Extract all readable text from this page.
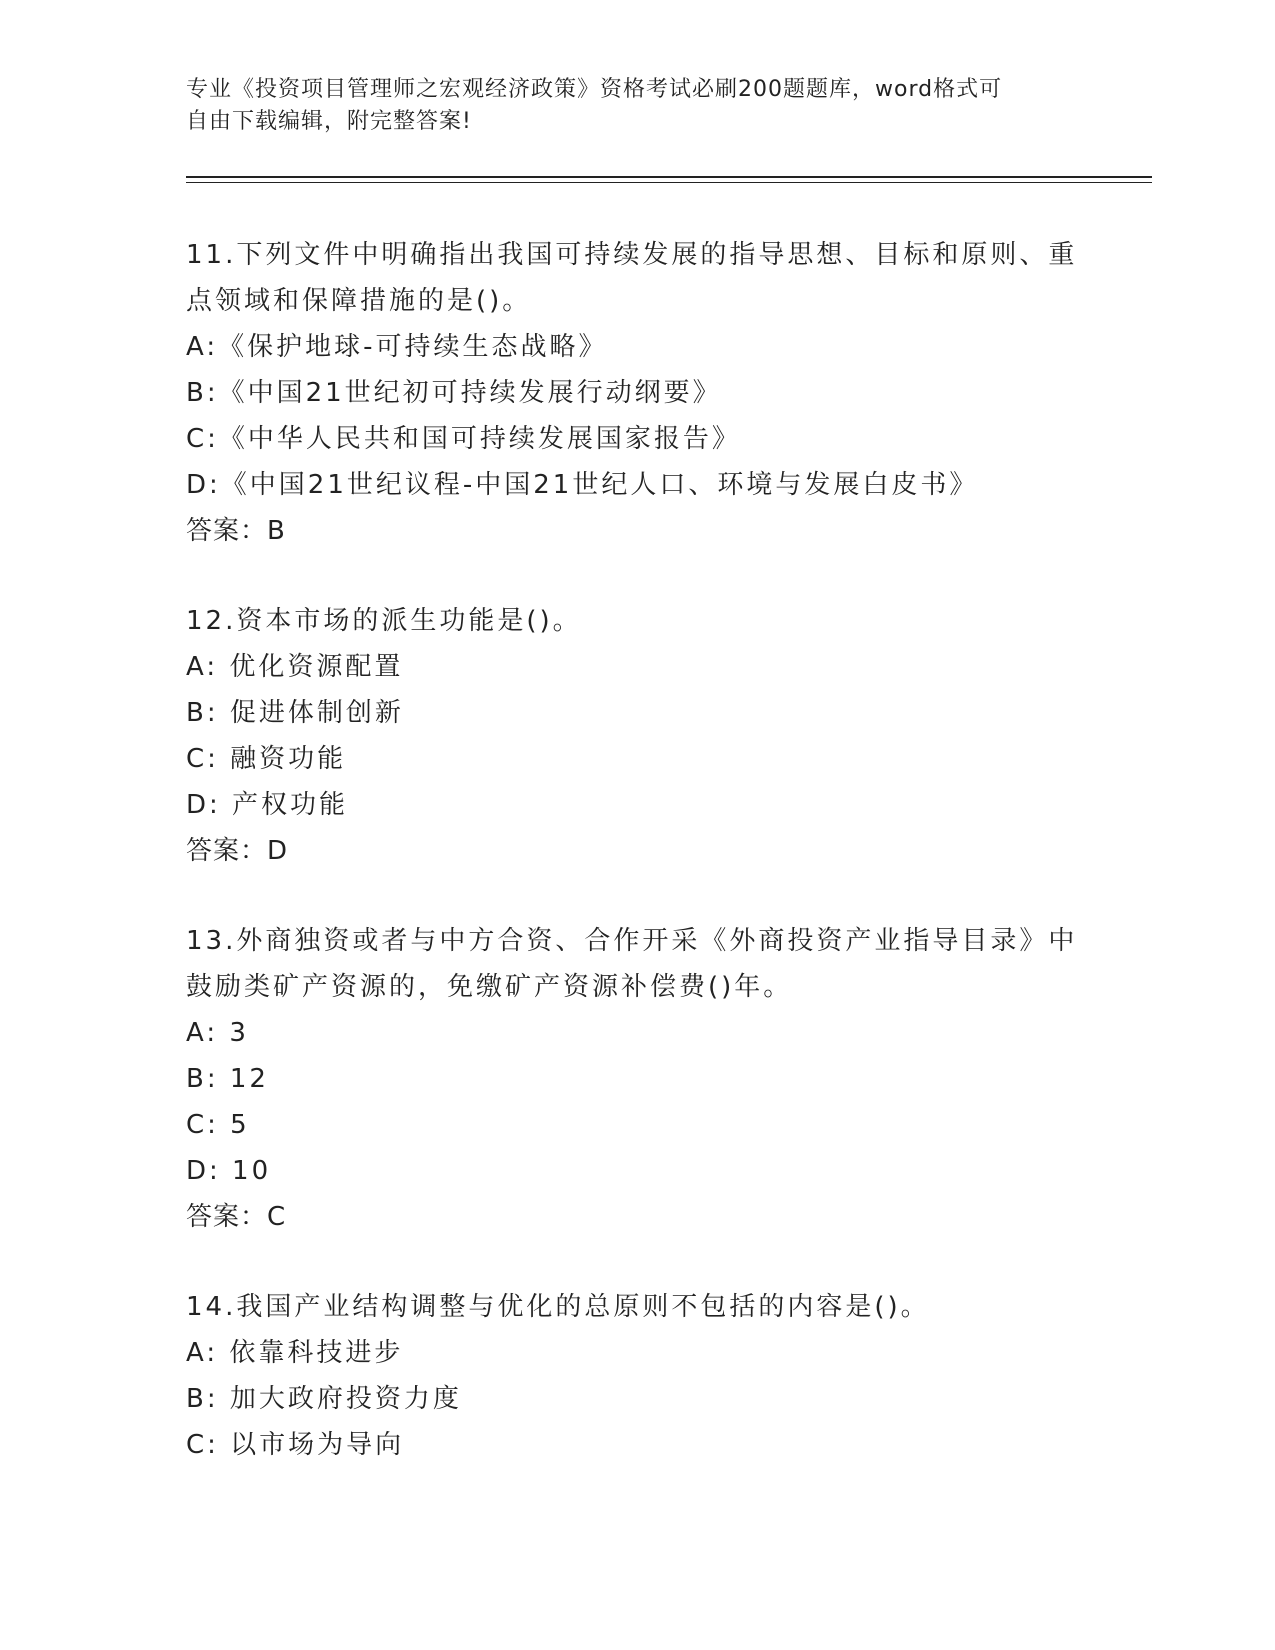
专业《投资项目管理师之宏观经济政策》资格考试必刷200题题库，word格式可
自由下载编辑，附完整答案!
11.下列文件中明确指出我国可持续发展的指导思想、目标和原则、重
点领域和保障措施的是()。
A:《保护地球-可持续生态战略》
B:《中国21世纪初可持续发展行动纲要》
C:《中华人民共和国可持续发展国家报告》
D:《中国21世纪议程-中国21世纪人口、环境与发展白皮书》
答案：B
12.资本市场的派生功能是()。
A: 优化资源配置
B: 促进体制创新
C: 融资功能
D: 产权功能
答案：D
13.外商独资或者与中方合资、合作开采《外商投资产业指导目录》中
鼓励类矿产资源的，免缴矿产资源补偿费()年。
A: 3
B: 12
C: 5
D: 10
答案：C
14.我国产业结构调整与优化的总原则不包括的内容是()。
A: 依靠科技进步
B: 加大政府投资力度
C: 以市场为导向
